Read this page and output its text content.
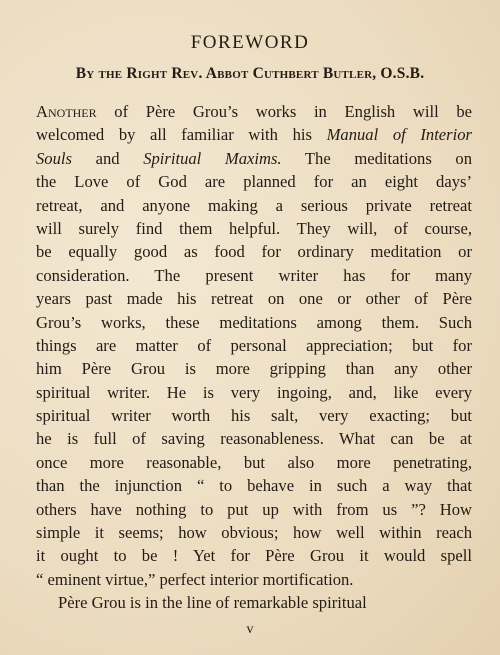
FOREWORD
By the Right Rev. Abbot Cuthbert Butler, O.S.B.
Another of Père Grou’s works in English will be
welcomed by all familiar with his Manual of Interior
Souls and Spiritual Maxims. The meditations on
the Love of God are planned for an eight days’
retreat, and anyone making a serious private retreat
will surely find them helpful. They will, of course,
be equally good as food for ordinary meditation or
consideration. The present writer has for many
years past made his retreat on one or other of Père
Grou’s works, these meditations among them. Such
things are matter of personal appreciation; but for
him Père Grou is more gripping than any other
spiritual writer. He is very ingoing, and, like every
spiritual writer worth his salt, very exacting; but
he is full of saving reasonableness. What can be at
once more reasonable, but also more penetrating,
than the injunction “ to behave in such a way that
others have nothing to put up with from us ”? How
simple it seems; how obvious; how well within reach
it ought to be ! Yet for Père Grou it would spell
“ eminent virtue,” perfect interior mortification.
Père Grou is in the line of remarkable spiritual
v
